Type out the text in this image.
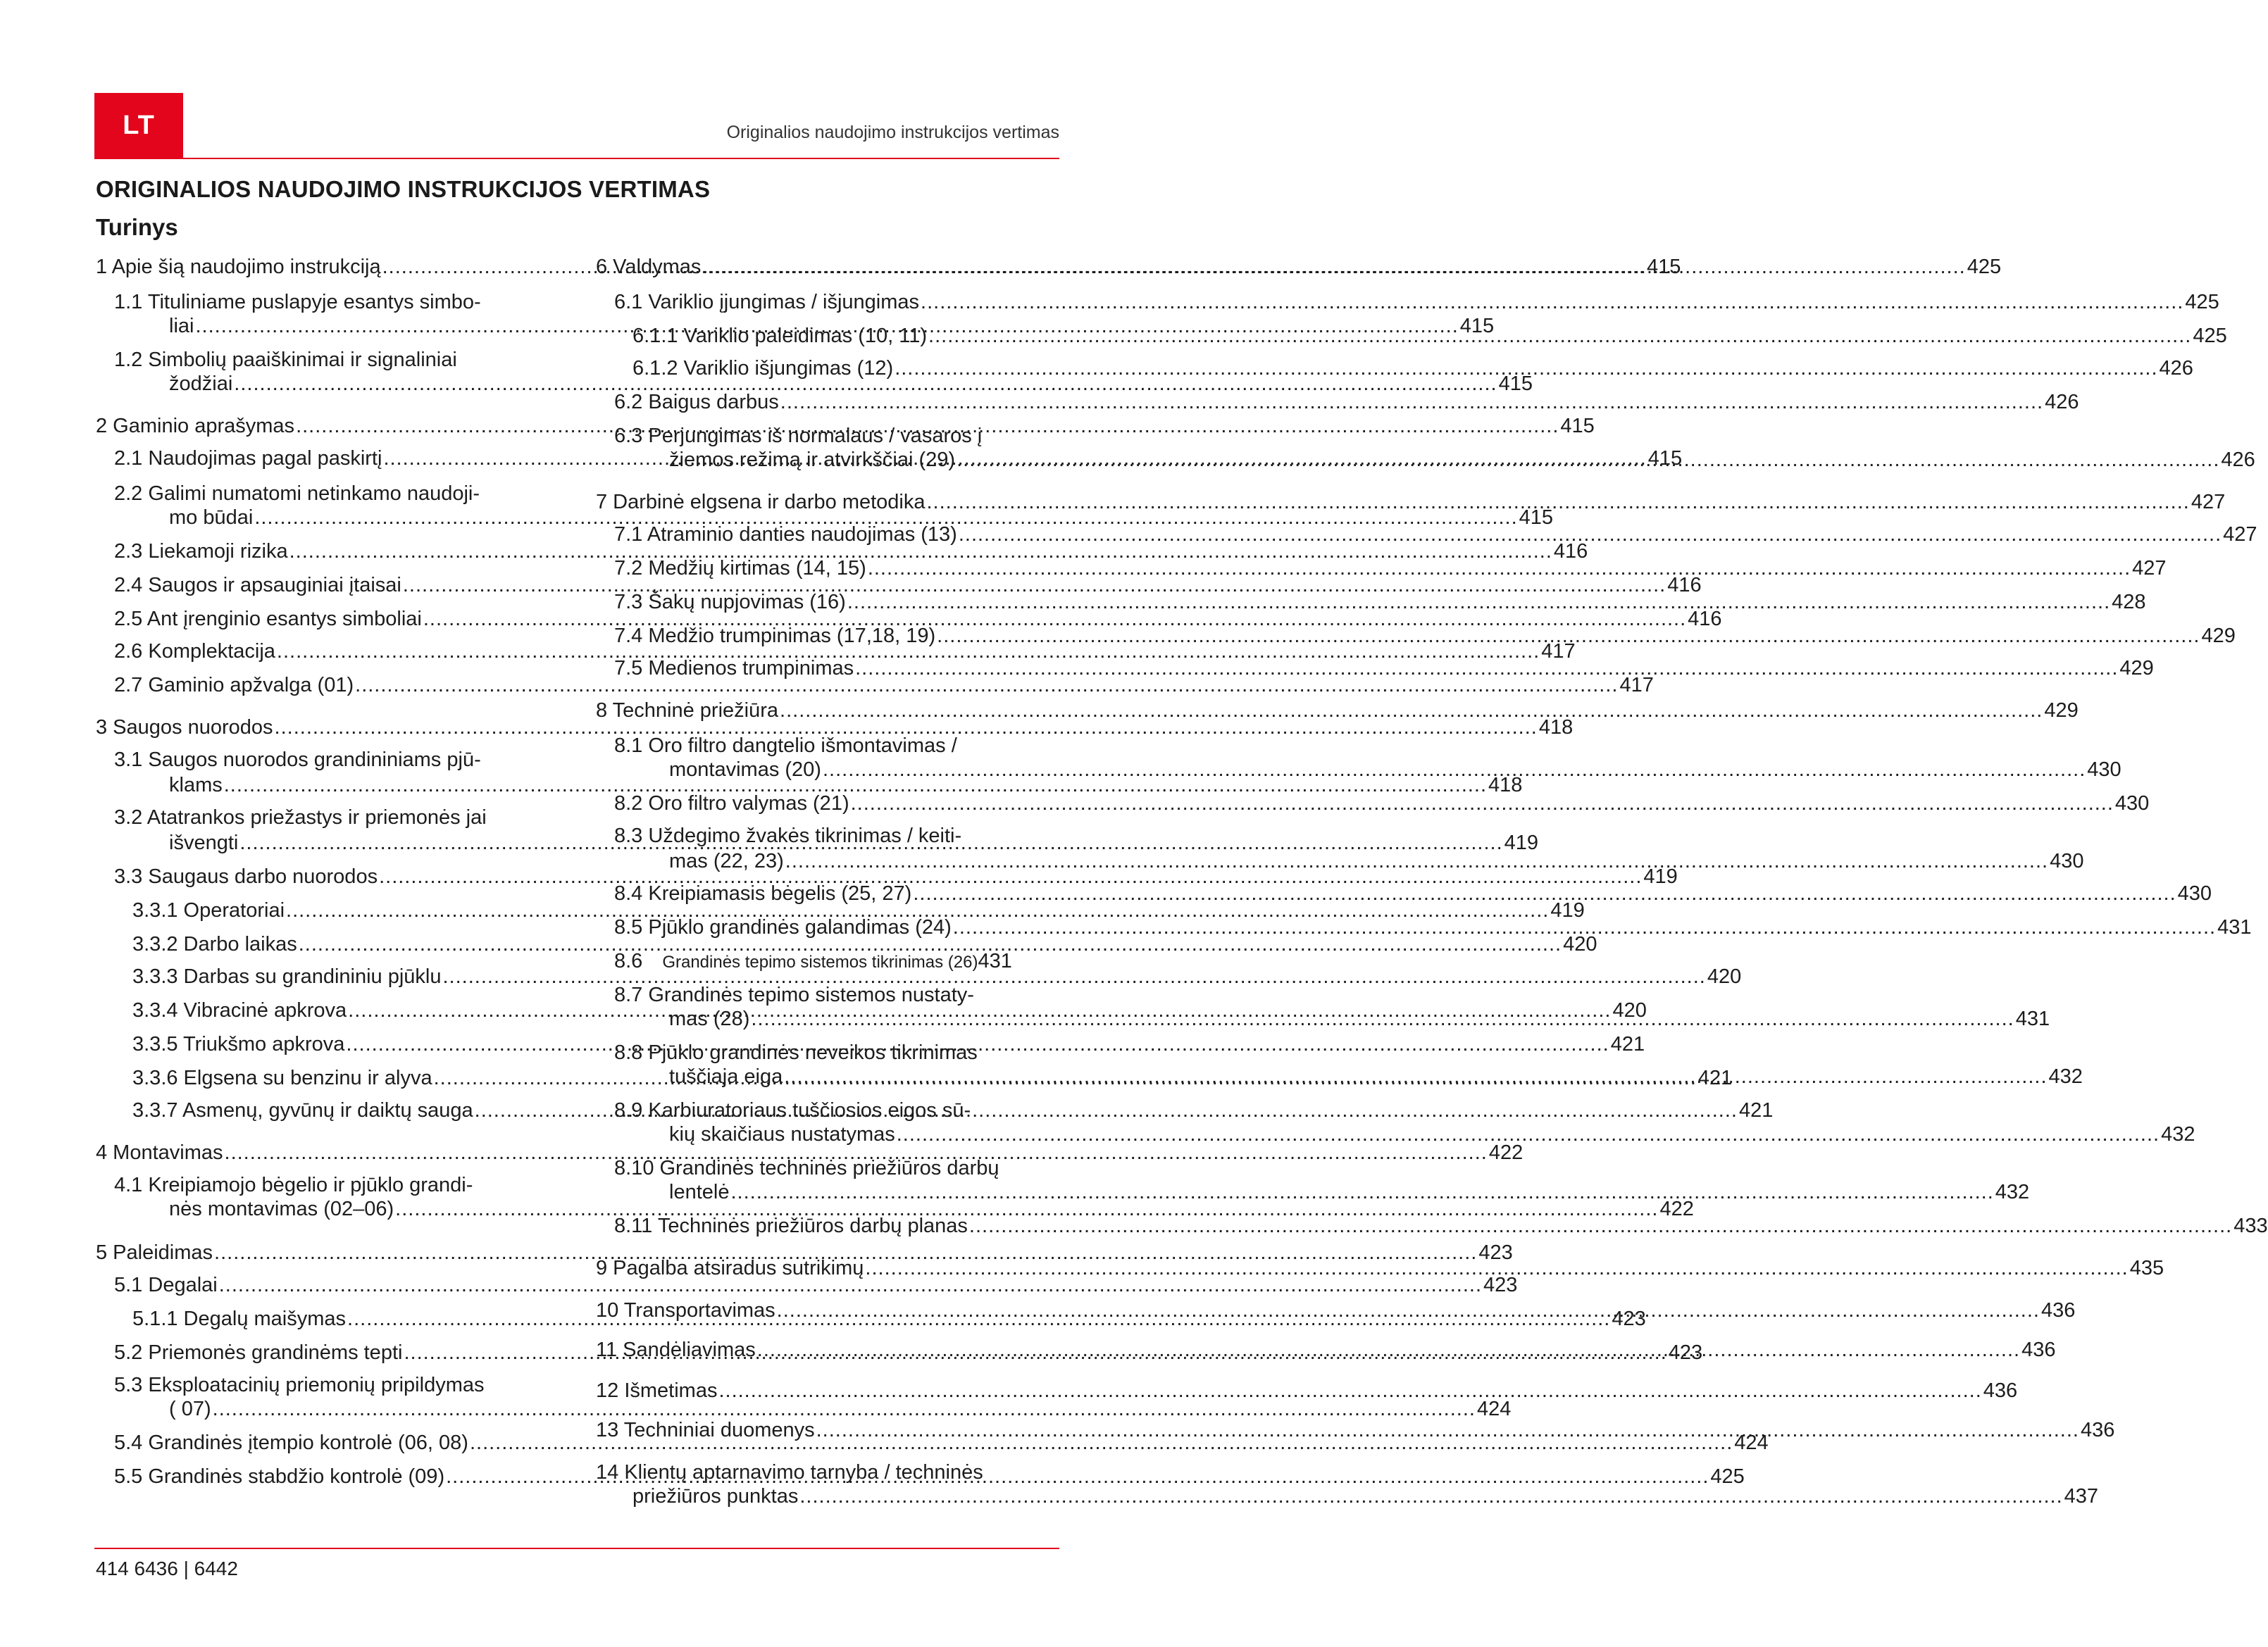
LT	Originalios naudojimo instrukcijos vertimas
ORIGINALIOS NAUDOJIMO INSTRUKCIJOS VERTIMAS
Turinys
1 Apie šią naudojimo instrukciją .....	415
1.1 Tituliniame puslapyje esantys simbo-
liai .....	415
1.2 Simbolių paaiškinimai ir signaliniai
žodžiai .....	415
2 Gaminio aprašymas .....	415
2.1 Naudojimas pagal paskirtį .....	415
2.2 Galimi numatomi netinkamo naudoji-
mo būdai .....	415
2.3 Liekamoji rizika .....	416
2.4 Saugos ir apsauginiai įtaisai .....	416
2.5 Ant įrenginio esantys simboliai .....	416
2.6 Komplektacija .....	417
2.7 Gaminio apžvalga (01) .....	417
3 Saugos nuorodos .....	418
3.1 Saugos nuorodos grandininiams pjū-
klams .....	418
3.2 Atatrankos priežastys ir priemonės jai
išvengti .....	419
3.3 Saugaus darbo nuorodos .....	419
3.3.1 Operatoriai .....	419
3.3.2 Darbo laikas .....	420
3.3.3 Darbas su grandininiu pjūklu .....	420
3.3.4 Vibracinė apkrova .....	420
3.3.5 Triukšmo apkrova .....	421
3.3.6 Elgsena su benzinu ir alyva .....	421
3.3.7 Asmenų, gyvūnų ir daiktų sauga .....	421
4 Montavimas .....	422
4.1 Kreipiamojo bėgelio ir pjūklo grandi-
nės montavimas (02–06) .....	422
5 Paleidimas .....	423
5.1 Degalai .....	423
5.1.1 Degalų maišymas .....	423
5.2 Priemonės grandinėms tepti .....	423
5.3 Eksploatacinių priemonių pripildymas
( 07) .....	424
5.4 Grandinės įtempio kontrolė (06, 08) .....	424
5.5 Grandinės stabdžio kontrolė (09) .....	425
6 Valdymas .....	425
6.1 Variklio įjungimas / išjungimas .....	425
6.1.1 Variklio paleidimas (10, 11) .....	425
6.1.2 Variklio išjungimas (12) .....	426
6.2 Baigus darbus .....	426
6.3 Perjungimas iš normalaus / vasaros į
žiemos režimą ir atvirkščiai (29) .....	426
7 Darbinė elgsena ir darbo metodika .....	427
7.1 Atraminio danties naudojimas (13) .....	427
7.2 Medžių kirtimas (14, 15) .....	427
7.3 Šakų nupjovimas (16) .....	428
7.4 Medžio trumpinimas (17,18, 19) .....	429
7.5 Medienos trumpinimas .....	429
8 Techninė priežiūra .....	429
8.1 Oro filtro dangtelio išmontavimas /
montavimas (20) .....	430
8.2 Oro filtro valymas (21) .....	430
8.3 Uždegimo žvakės tikrinimas / keiti-
mas (22, 23) .....	430
8.4 Kreipiamasis bėgelis (25, 27) .....	430
8.5 Pjūklo grandinės galandimas (24) .....	431
8.6 Grandinės tepimo sistemos tikrinimas (26) 431
8.7 Grandinės tepimo sistemos nustaty-
mas (28) .....	431
8.8 Pjūklo grandinės neveikos tikrinimas
tuščiaja eiga .....	432
8.9 Karbiuratoriaus tuščiosios eigos sū-
kių skaičiaus nustatymas .....	432
8.10 Grandinės techninės priežiūros darbų
lentelė .....	432
8.11 Techninės priežiūros darbų planas .....	433
9 Pagalba atsiradus sutrikimų .....	435
10 Transportavimas .....	436
11 Sandėliavimas .....	436
12 Išmetimas .....	436
13 Techniniai duomenys .....	436
14 Klientų aptarnavimo tarnyba / techninės
priežiūros punktas .....	437
414 6436 | 6442
